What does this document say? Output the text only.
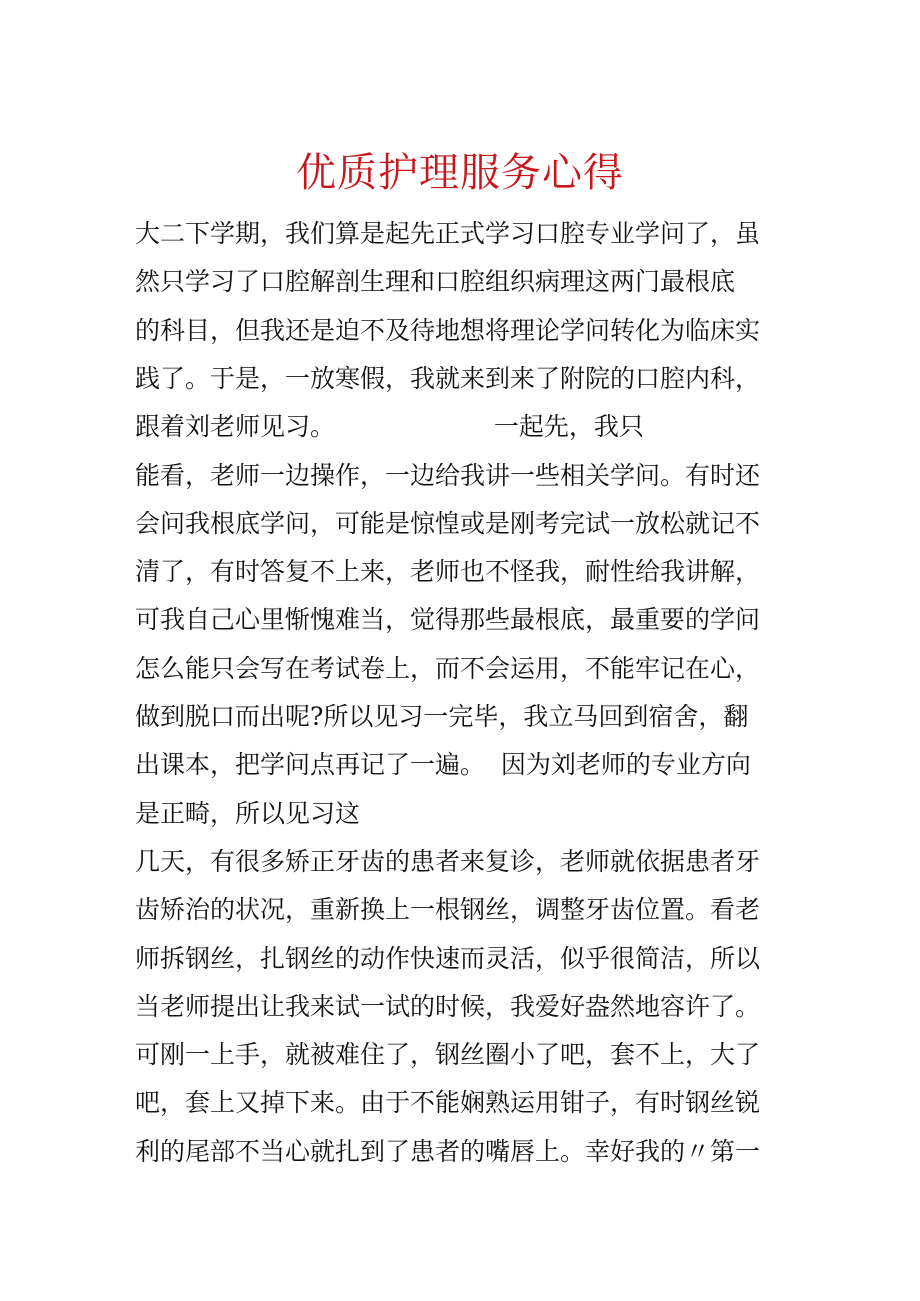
优质护理服务心得
大二下学期，我们算是起先正式学习口腔专业学问了，虽
然只学习了口腔解剖生理和口腔组织病理这两门最根底
的科目，但我还是迫不及待地想将理论学问转化为临床实
践了。于是，一放寒假，我就来到来了附院的口腔内科，
跟着刘老师见习。                    一起先，我只
能看，老师一边操作，一边给我讲一些相关学问。有时还
会问我根底学问，可能是惊惶或是刚考完试一放松就记不
清了，有时答复不上来，老师也不怪我，耐性给我讲解，
可我自己心里惭愧难当，觉得那些最根底，最重要的学问
怎么能只会写在考试卷上，而不会运用，不能牢记在心，
做到脱口而出呢?所以见习一完毕，我立马回到宿舍，翻
出课本，把学问点再记了一遍。  因为刘老师的专业方向
是正畸，所以见习这
几天，有很多矫正牙齿的患者来复诊，老师就依据患者牙
齿矫治的状况，重新换上一根钢丝，调整牙齿位置。看老
师拆钢丝，扎钢丝的动作快速而灵活，似乎很简洁，所以
当老师提出让我来试一试的时候，我爱好盎然地容许了。
可刚一上手，就被难住了，钢丝圈小了吧，套不上，大了
吧，套上又掉下来。由于不能娴熟运用钳子，有时钢丝锐
利的尾部不当心就扎到了患者的嘴唇上。幸好我的〃第一
